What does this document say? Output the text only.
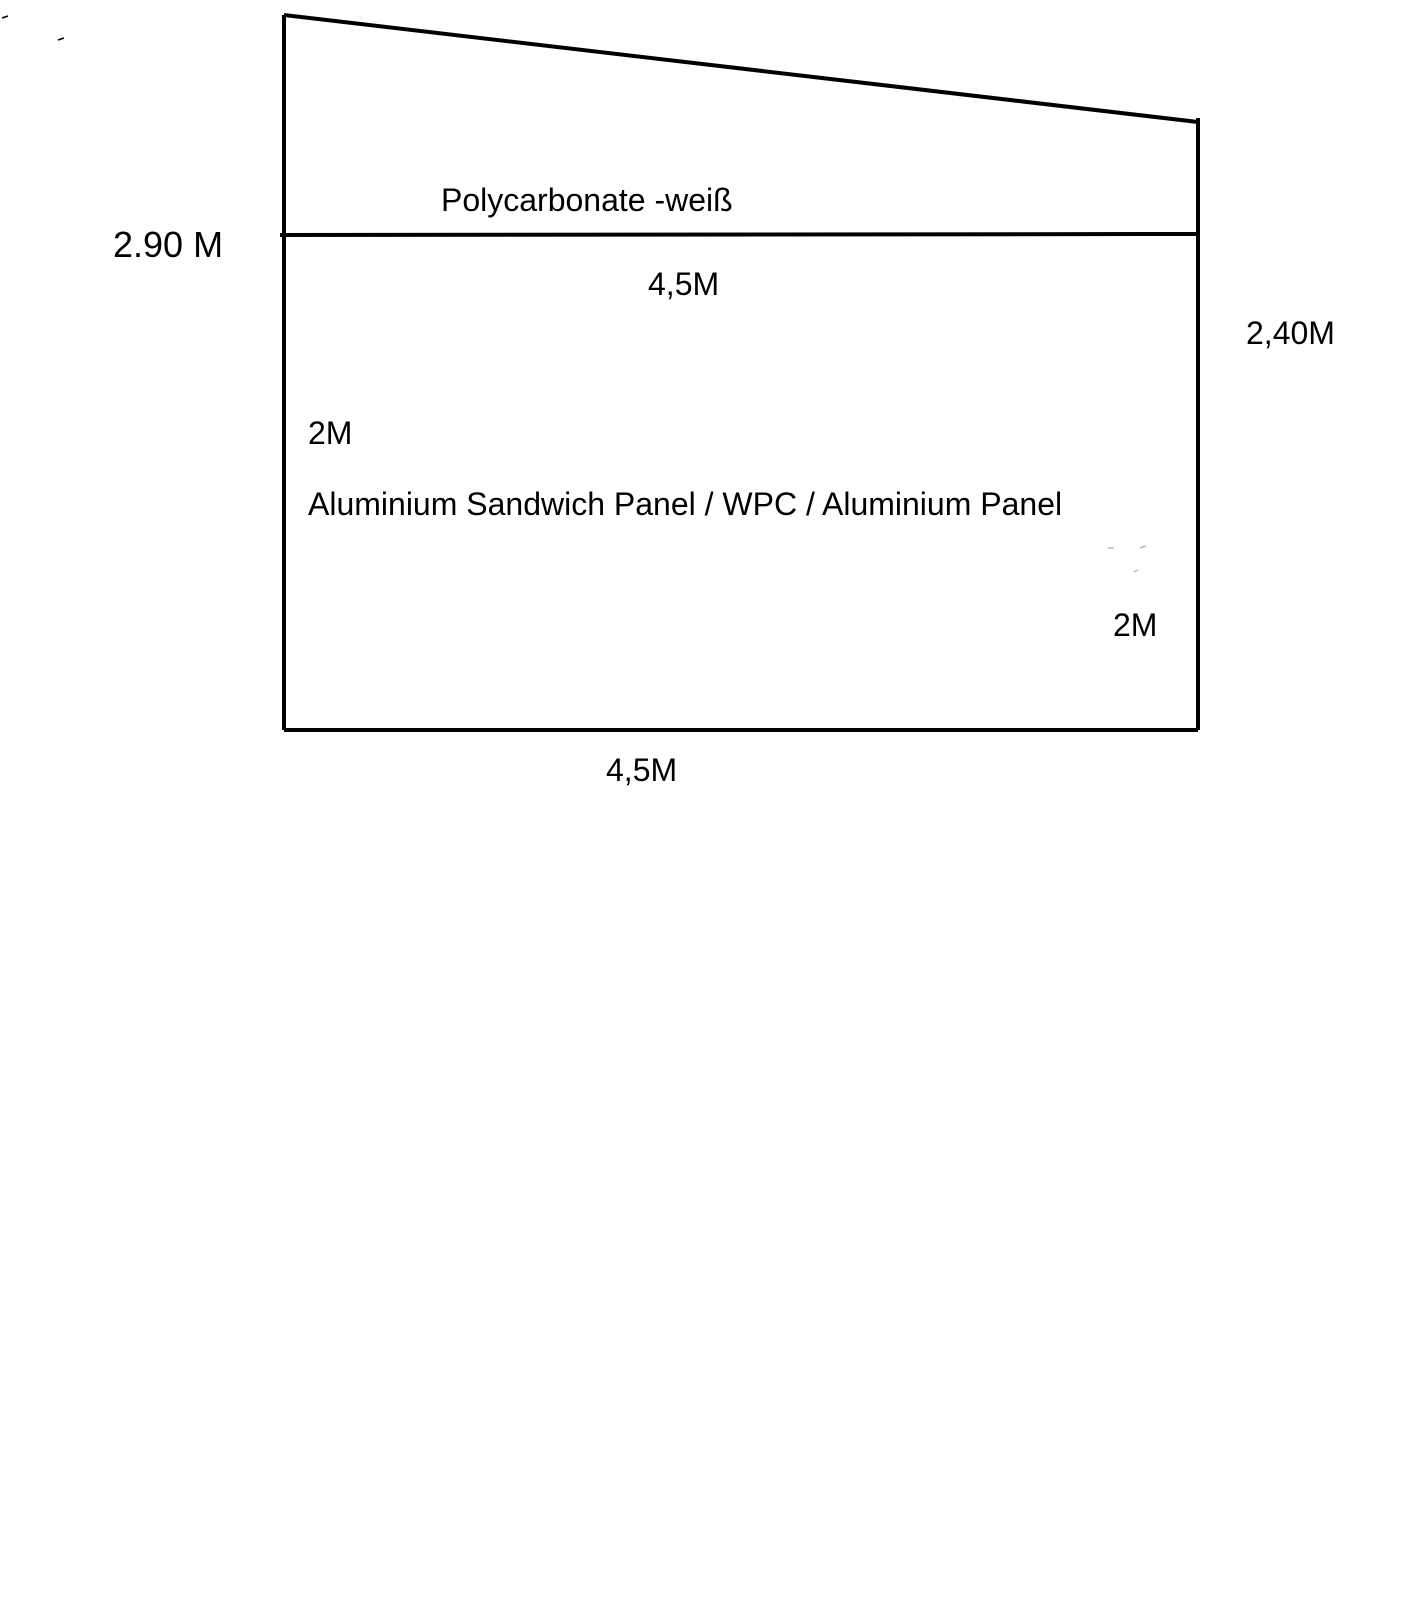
Polycarbonate -weiß
2.90 M
4,5M
2,40M
2M
Aluminium Sandwich Panel / WPC / Aluminium Panel
2M
4,5M
